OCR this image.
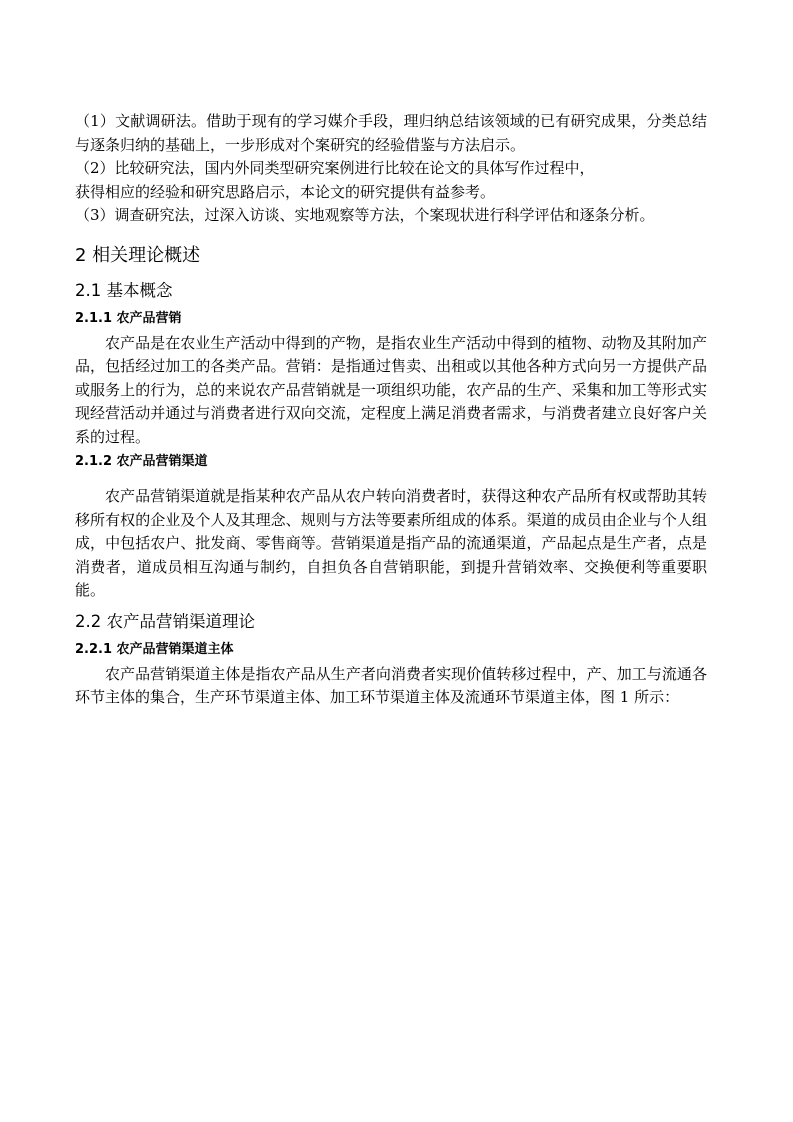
（1）文献调研法。借助于现有的学习媒介手段，理归纳总结该领域的已有研究成果，分类总结与逐条归纳的基础上，一步形成对个案研究的经验借鉴与方法启示。

（2）比较研究法，国内外同类型研究案例进行比较在论文的具体写作过程中，

获得相应的经验和研究思路启示，本论文的研究提供有益参考。

（3）调查研究法，过深入访谈、实地观察等方法，个案现状进行科学评估和逐条分析。

2 相关理论概述
2.1 基本概念
2.1.1 农产品营销

农产品是在农业生产活动中得到的产物，是指农业生产活动中得到的植物、动物及其附加产品，包括经过加工的各类产品。营销：是指通过售卖、出租或以其他各种方式向另一方提供产品或服务上的行为，总的来说农产品营销就是一项组织功能，农产品的生产、采集和加工等形式实现经营活动并通过与消费者进行双向交流，定程度上满足消费者需求，与消费者建立良好客户关系的过程。

2.1.2 农产品营销渠道

农产品营销渠道就是指某种农产品从农户转向消费者时，获得这种农产品所有权或帮助其转移所有权的企业及个人及其理念、规则与方法等要素所组成的体系。渠道的成员由企业与个人组成，中包括农户、批发商、零售商等。营销渠道是指产品的流通渠道，产品起点是生产者，点是消费者，道成员相互沟通与制约，自担负各自营销职能，到提升营销效率、交换便利等重要职能。

2.2 农产品营销渠道理论
2.2.1 农产品营销渠道主体

农产品营销渠道主体是指农产品从生产者向消费者实现价值转移过程中，产、加工与流通各环节主体的集合，生产环节渠道主体、加工环节渠道主体及流通环节渠道主体，图 1 所示：
